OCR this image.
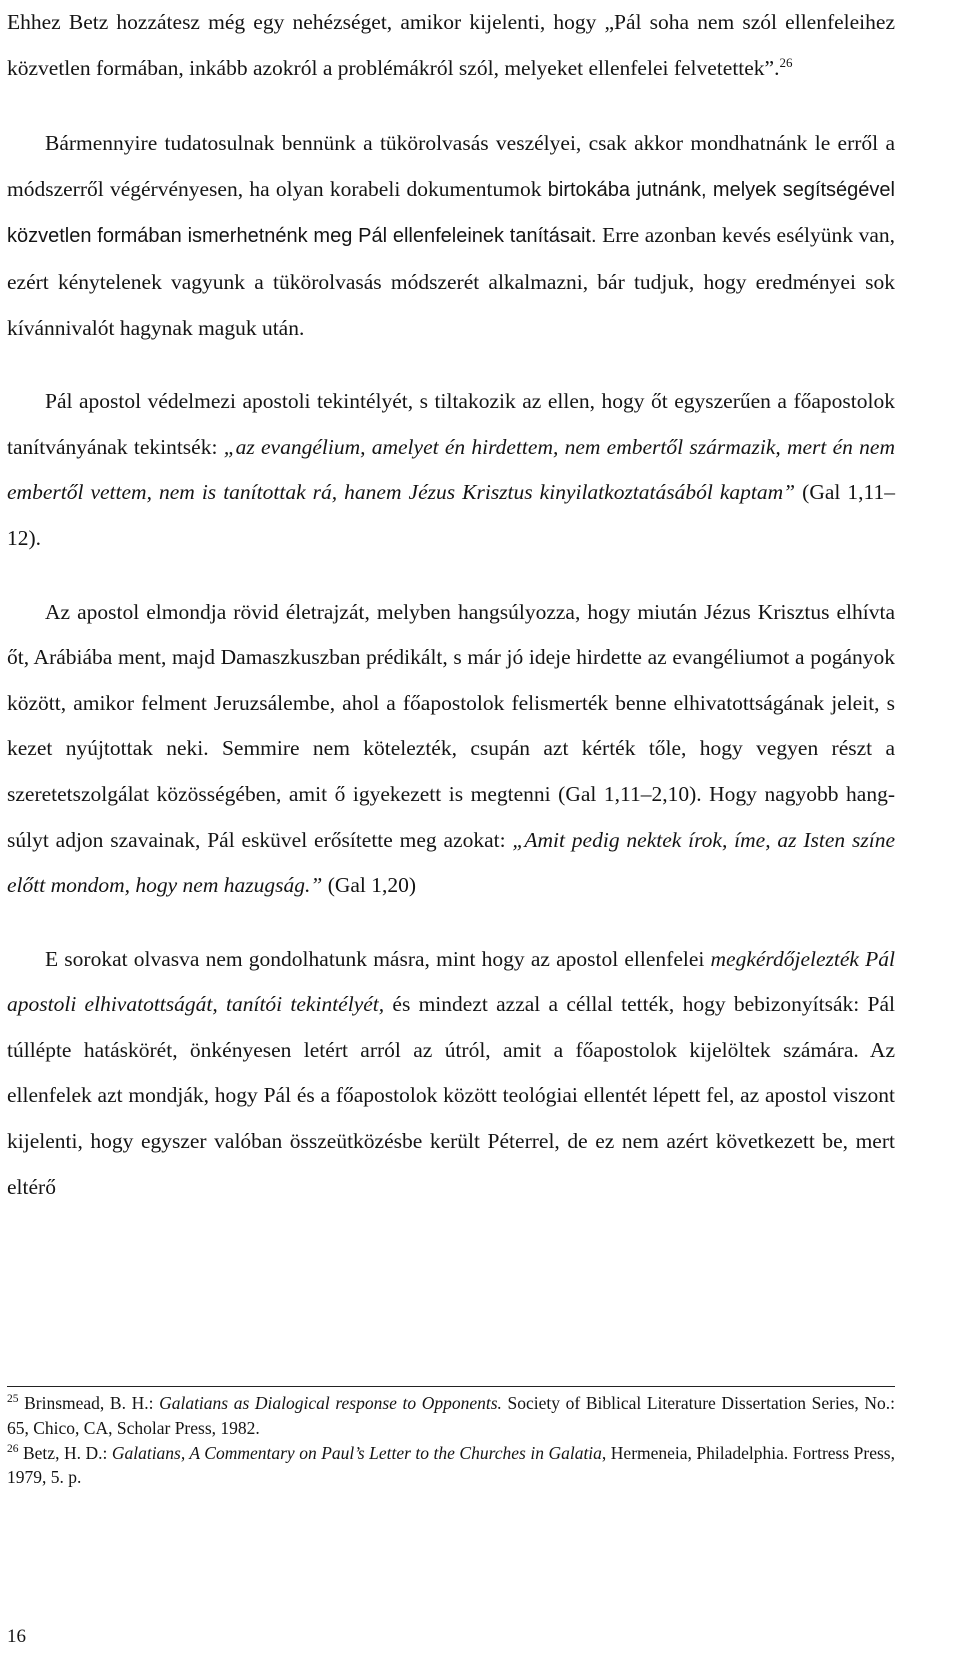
Ehhez Betz hozzátesz még egy nehézséget, amikor kijelenti, hogy „Pál soha nem szól ellenfeleihez közvetlen formában, inkább azokról a problémákról szól, melyeket ellenfelei felvetettek”.$^{26}$

Bármennyire tudatosulnak bennünk a tükörolvasás veszélyei, csak akkor mondhatnánk le erről a módszerről végérvényesen, ha olyan korabeli dokumentumok birtokába jutnánk, melyek segítségével közvetlen formában ismerhetnénk meg Pál ellenfeleinek tanításait. Erre azonban kevés esélyünk van, ezért kénytelenek vagyunk a tükörolvasás módszerét alkalmazni, bár tudjuk, hogy eredményei sok kívánnivalót hagynak maguk után.

Pál apostol védelmezi apostoli tekintélyét, s tiltakozik az ellen, hogy őt egyszerűen a főapostolok tanítványának tekintsék: „az evangélium, amelyet én hirdettem, nem embertől származik, mert én nem embertől vettem, nem is tanítottak rá, hanem Jézus Krisztus kinyilatkoztatásából kaptam” (Gal 1,11–12).

Az apostol elmondja rövid életrajzát, melyben hangsúlyozza, hogy miután Jézus Krisztus elhívta őt, Arábiába ment, majd Damaszkuszban prédikált, s már jó ideje hirdette az evangéliumot a pogányok között, amikor felment Jeruzsálembe, ahol a főapostolok felismerték benne elhivatottságának jeleit, s kezet nyújtottak neki. Semmire nem kötelezték, csupán azt kérték tőle, hogy vegyen részt a szeretetszolgálat közösségében, amit ő igyekezett is megtenni (Gal 1,11–2,10). Hogy nagyobb hangsúlyt adjon szavainak, Pál esküvel erősítette meg azokat: „Amit pedig nektek írok, íme, az Isten színe előtt mondom, hogy nem hazugság.” (Gal 1,20)

E sorokat olvasva nem gondolhatunk másra, mint hogy az apostol ellenfelei megkérdőjelezték Pál apostoli elhivatottságát, tanítói tekintélyét, és mindezt azzal a céllal tették, hogy bebizonyítsák: Pál túllépte hatáskörét, önkényesen letért arról az útról, amit a főapostolok kijelöltek számára. Az ellenfelek azt mondják, hogy Pál és a főapostolok között teológiai ellentét lépett fel, az apostol viszont kijelenti, hogy egyszer valóban összeütközésbe került Péterrel, de ez nem azért következett be, mert eltérő

$^{25}$ Brinsmead, B. H.: Galatians as Dialogical response to Opponents. Society of Biblical Literature Dissertation Series, No.: 65, Chico, CA, Scholar Press, 1982.

$^{26}$ Betz, H. D.: Galatians, A Commentary on Paul’s Letter to the Churches in Galatia, Hermeneia, Philadelphia. Fortress Press, 1979, 5. p.

16
